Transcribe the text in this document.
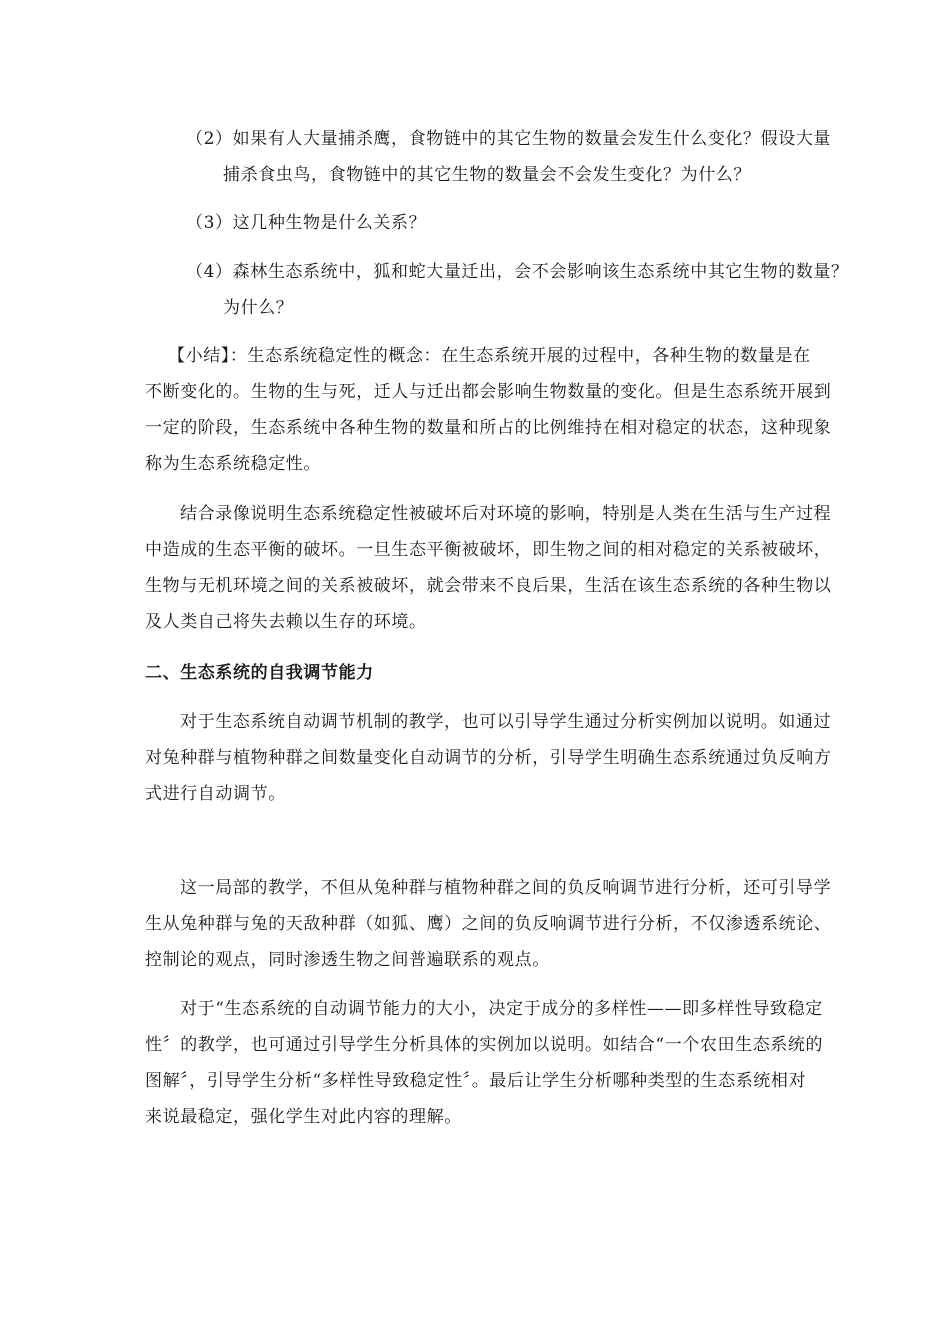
（2）如果有人大量捕杀鹰，食物链中的其它生物的数量会发生什么变化？假设大量
捕杀食虫鸟，食物链中的其它生物的数量会不会发生变化？为什么？
（3）这几种生物是什么关系？
（4）森林生态系统中，狐和蛇大量迁出，会不会影响该生态系统中其它生物的数量？
为什么？
【小结】：生态系统稳定性的概念：在生态系统开展的过程中，各种生物的数量是在
不断变化的。生物的生与死，迁人与迁出都会影响生物数量的变化。但是生态系统开展到
一定的阶段，生态系统中各种生物的数量和所占的比例维持在相对稳定的状态，这种现象
称为生态系统稳定性。
结合录像说明生态系统稳定性被破坏后对环境的影响，特别是人类在生活与生产过程
中造成的生态平衡的破坏。一旦生态平衡被破坏，即生物之间的相对稳定的关系被破坏，
生物与无机环境之间的关系被破坏，就会带来不良后果，生活在该生态系统的各种生物以
及人类自己将失去赖以生存的环境。
二、生态系统的自我调节能力
对于生态系统自动调节机制的教学，也可以引导学生通过分析实例加以说明。如通过
对兔种群与植物种群之间数量变化自动调节的分析，引导学生明确生态系统通过负反响方
式进行自动调节。
这一局部的教学，不但从兔种群与植物种群之间的负反响调节进行分析，还可引导学
生从兔种群与兔的天敌种群（如狐、鹰）之间的负反响调节进行分析，不仅渗透系统论、
控制论的观点，同时渗透生物之间普遍联系的观点。
对于“生态系统的自动调节能力的大小，决定于成分的多样性——即多样性导致稳定
性〞的教学，也可通过引导学生分析具体的实例加以说明。如结合“一个农田生态系统的
图解〞，引导学生分析“多样性导致稳定性〞。最后让学生分析哪种类型的生态系统相对
来说最稳定，强化学生对此内容的理解。
